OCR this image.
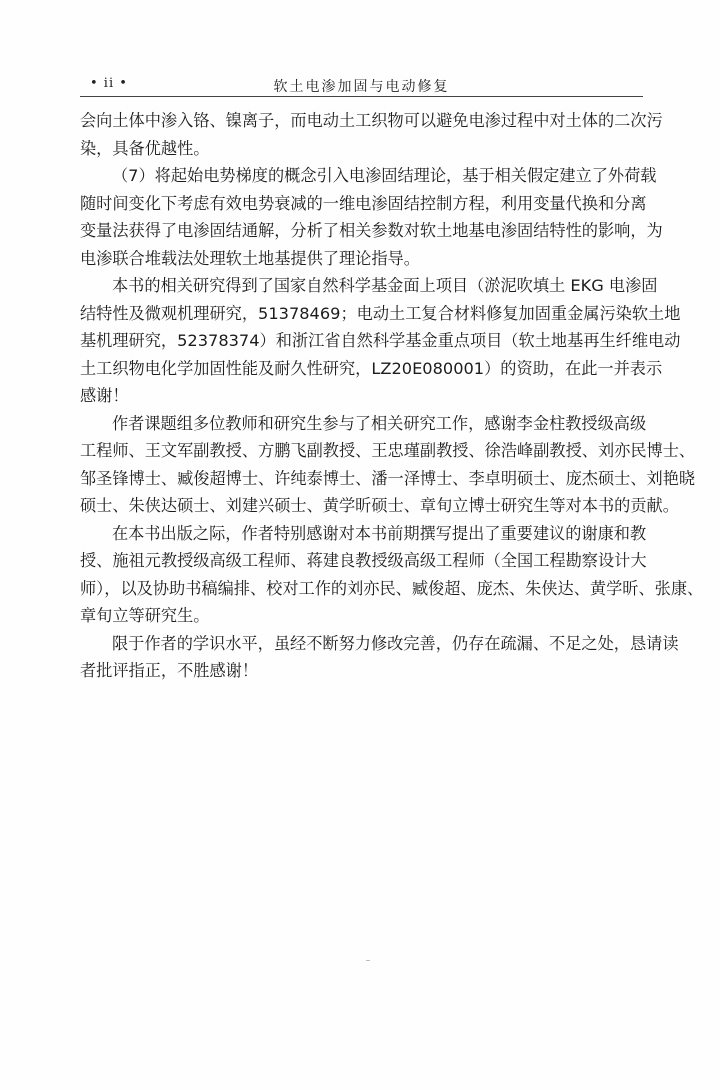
• ii •	软土电渗加固与电动修复

会向土体中渗入铬、镍离子，而电动土工织物可以避免电渗过程中对土体的二次污
染，具备优越性。

（7）将起始电势梯度的概念引入电渗固结理论，基于相关假定建立了外荷载
随时间变化下考虑有效电势衰减的一维电渗固结控制方程，利用变量代换和分离
变量法获得了电渗固结通解，分析了相关参数对软土地基电渗固结特性的影响，为
电渗联合堆载法处理软土地基提供了理论指导。

本书的相关研究得到了国家自然科学基金面上项目（淤泥吹填土 EKG 电渗固
结特性及微观机理研究，51378469；电动土工复合材料修复加固重金属污染软土地
基机理研究，52378374）和浙江省自然科学基金重点项目（软土地基再生纤维电动
土工织物电化学加固性能及耐久性研究，LZ20E080001）的资助，在此一并表示
感谢！

作者课题组多位教师和研究生参与了相关研究工作，感谢李金柱教授级高级
工程师、王文军副教授、方鹏飞副教授、王忠瑾副教授、徐浩峰副教授、刘亦民博士、
邹圣锋博士、臧俊超博士、许纯泰博士、潘一泽博士、李卓明硕士、庞杰硕士、刘艳晓
硕士、朱侠达硕士、刘建兴硕士、黄学昕硕士、章旬立博士研究生等对本书的贡献。

在本书出版之际，作者特别感谢对本书前期撰写提出了重要建议的谢康和教
授、施祖元教授级高级工程师、蒋建良教授级高级工程师（全国工程勘察设计大
师），以及协助书稿编排、校对工作的刘亦民、臧俊超、庞杰、朱侠达、黄学昕、张康、
章旬立等研究生。

限于作者的学识水平，虽经不断努力修改完善，仍存在疏漏、不足之处，恳请读
者批评指正，不胜感谢！
